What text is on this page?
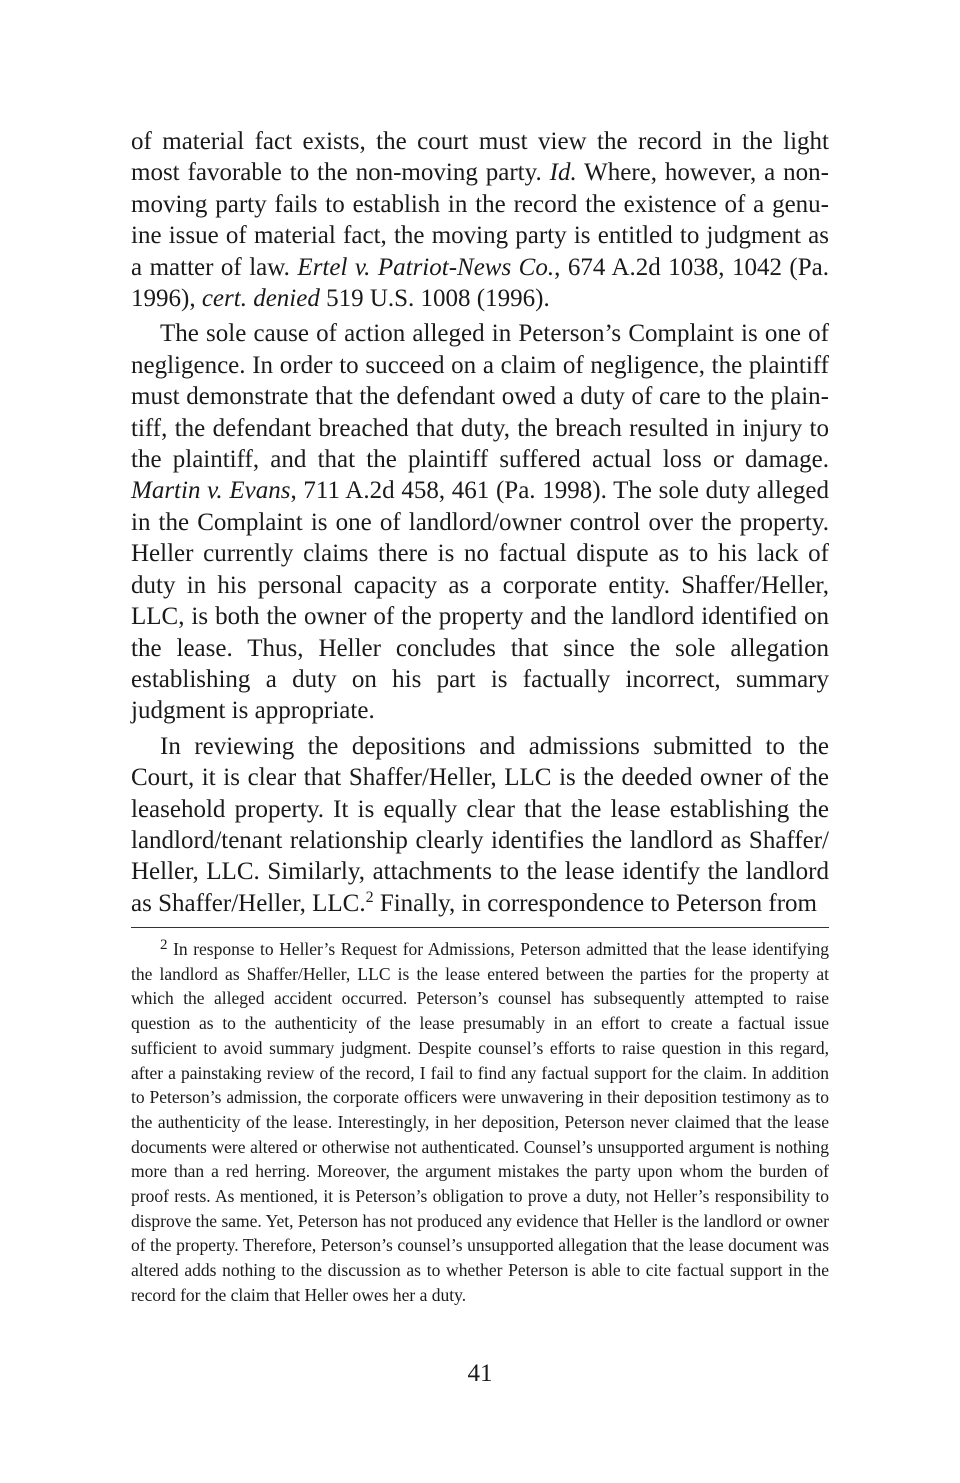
of material fact exists, the court must view the record in the light most favorable to the non-moving party. Id. Where, however, a nonmoving party fails to establish in the record the existence of a genuine issue of material fact, the moving party is entitled to judgment as a matter of law. Ertel v. Patriot-News Co., 674 A.2d 1038, 1042 (Pa. 1996), cert. denied 519 U.S. 1008 (1996).

The sole cause of action alleged in Peterson’s Complaint is one of negligence. In order to succeed on a claim of negligence, the plaintiff must demonstrate that the defendant owed a duty of care to the plaintiff, the defendant breached that duty, the breach resulted in injury to the plaintiff, and that the plaintiff suffered actual loss or damage. Martin v. Evans, 711 A.2d 458, 461 (Pa. 1998). The sole duty alleged in the Complaint is one of landlord/owner control over the property. Heller currently claims there is no factual dispute as to his lack of duty in his personal capacity as a corporate entity. Shaffer/Heller, LLC, is both the owner of the property and the landlord identified on the lease. Thus, Heller concludes that since the sole allegation establishing a duty on his part is factually incorrect, summary judgment is appropriate.

In reviewing the depositions and admissions submitted to the Court, it is clear that Shaffer/Heller, LLC is the deeded owner of the leasehold property. It is equally clear that the lease establishing the landlord/tenant relationship clearly identifies the landlord as Shaffer/ Heller, LLC. Similarly, attachments to the lease identify the landlord as Shaffer/Heller, LLC.$^2$ Finally, in correspondence to Peterson from

$^2$ In response to Heller’s Request for Admissions, Peterson admitted that the lease identifying the landlord as Shaffer/Heller, LLC is the lease entered between the parties for the property at which the alleged accident occurred. Peterson’s counsel has subsequently attempted to raise question as to the authenticity of the lease presumably in an effort to create a factual issue sufficient to avoid summary judgment. Despite counsel’s efforts to raise question in this regard, after a painstaking review of the record, I fail to find any factual support for the claim. In addition to Peterson’s admission, the corporate officers were unwavering in their deposition testimony as to the authenticity of the lease. Interestingly, in her deposition, Peterson never claimed that the lease documents were altered or otherwise not authenticated. Counsel’s unsupported argument is nothing more than a red herring. Moreover, the argument mistakes the party upon whom the burden of proof rests. As mentioned, it is Peterson’s obligation to prove a duty, not Heller’s responsibility to disprove the same. Yet, Peterson has not produced any evidence that Heller is the landlord or owner of the property. Therefore, Peterson’s counsel’s unsupported allegation that the lease document was altered adds nothing to the discussion as to whether Peterson is able to cite factual support in the record for the claim that Heller owes her a duty.

41
